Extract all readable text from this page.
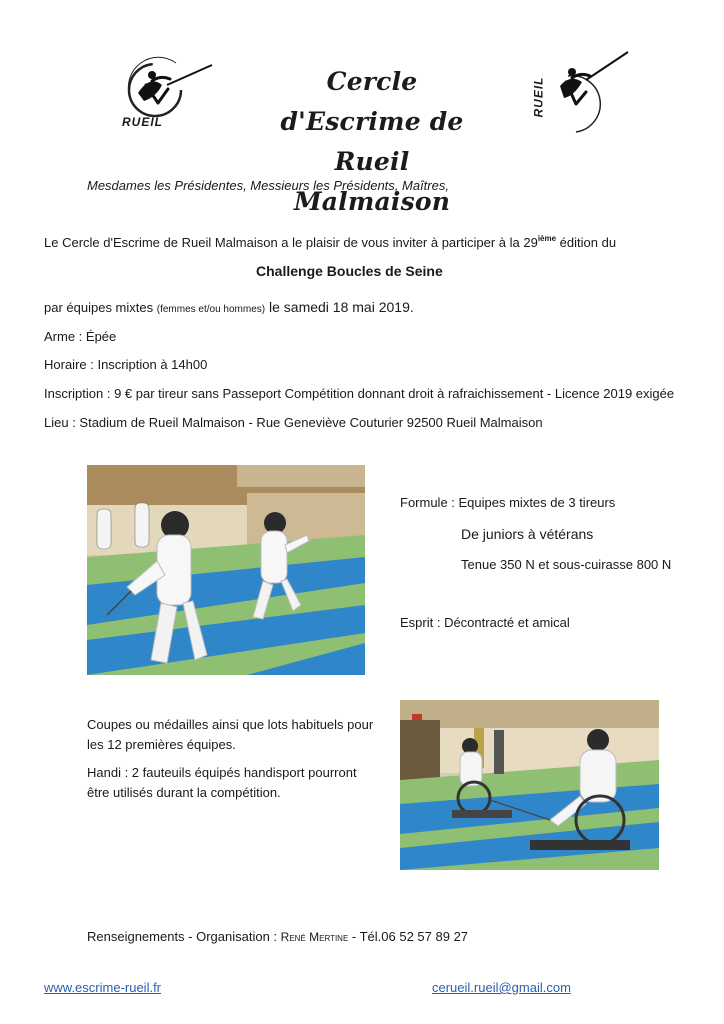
RUEIL
Cercle d'Escrime de
Rueil Malmaison
RUEIL
Mesdames les Présidentes, Messieurs les Présidents, Maîtres,
Le Cercle d'Escrime de Rueil Malmaison a le plaisir de vous inviter à participer à la 29ième édition du
Challenge Boucles de Seine
par équipes mixtes (femmes et/ou hommes) le samedi 18 mai 2019.
Arme : Épée
Horaire : Inscription à 14h00
Inscription : 9 € par tireur sans Passeport Compétition donnant droit à rafraichissement - Licence 2019 exigée
Lieu : Stadium de Rueil Malmaison - Rue Geneviève Couturier 92500 Rueil Malmaison
Formule : Equipes mixtes de 3 tireurs
De juniors à vétérans
Tenue 350 N et sous-cuirasse 800 N
Esprit : Décontracté et amical
Coupes ou médailles ainsi que lots habituels pour
les 12 premières équipes.
Handi : 2 fauteuils équipés handisport pourront
être utilisés durant la compétition.
Renseignements - Organisation : René Mertine - Tél.06 52 57 89 27
www.escrime-rueil.fr	cerueil.rueil@gmail.com
